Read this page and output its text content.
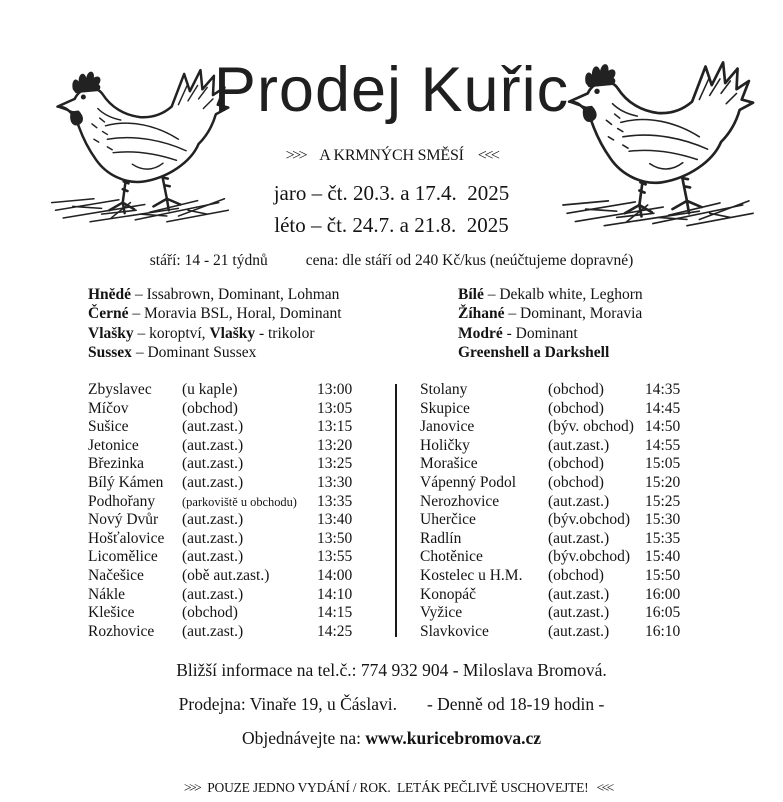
Prodej Kuřic
>>> A KRMNÝCH SMĚSÍ <<<
jaro – čt. 20.3. a 17.4.  2025
léto – čt. 24.7. a 21.8.  2025
stáří: 14 - 21 týdnů cena: dle stáří od 240 Kč/kus (neúčtujeme dopravné)
Hnědé – Issabrown, Dominant, Lohman
Černé – Moravia BSL, Horal, Dominant
Vlašky – koroptví, Vlašky - trikolor
Sussex – Dominant Sussex
Bílé – Dekalb white, Leghorn
Žíhané – Dominant, Moravia
Modré - Dominant
Greenshell a Darkshell
Zbyslavec (u kaple)	13:00
Míčov	(obchod)	13:05
Sušice	(aut.zast.)	13:15
Jetonice	(aut.zast.)	13:20
Březinka (aut.zast.)	13:25
Bílý Kámen (aut.zast.)	13:30
Podhořany (parkoviště u obchodu) 13:35
Nový Dvůr (aut.zast.)	13:40
Hošťalovice (aut.zast.)	13:50
Licomělice (aut.zast.)	13:55
Načešice (obě aut.zast.)	14:00
Nákle	(aut.zast.)	14:10
Klešice	(obchod)	14:15
Rozhovice (aut.zast.)	14:25
Stolany	(obchod)	14:35
Skupice	(obchod)	14:45
Janovice	(býv. obchod) 14:50
Holičky	(aut.zast.) 14:55
Morašice	(obchod)	15:05
Vápenný Podol (obchod)	15:20
Nerozhovice	(aut.zast.) 15:25
Uherčice	(býv.obchod) 15:30
Radlín	(aut.zast.) 15:35
Chotěnice	(býv.obchod) 15:40
Kostelec u H.M. (obchod)	15:50
Konopáč	(aut.zast.) 16:00
Vyžice	(aut.zast.) 16:05
Slavkovice	(aut.zast.) 16:10
Bližší informace na tel.č.: 774 932 904 - Miloslava Bromová.
Prodejna: Vinaře 19, u Čáslavi. - Denně od 18-19 hodin -
Objednávejte na: www.kuricebromova.cz

>>> POUZE JEDNO VYDÁNÍ / ROK.  LETÁK PEČLIVĚ USCHOVEJTE! <<<
